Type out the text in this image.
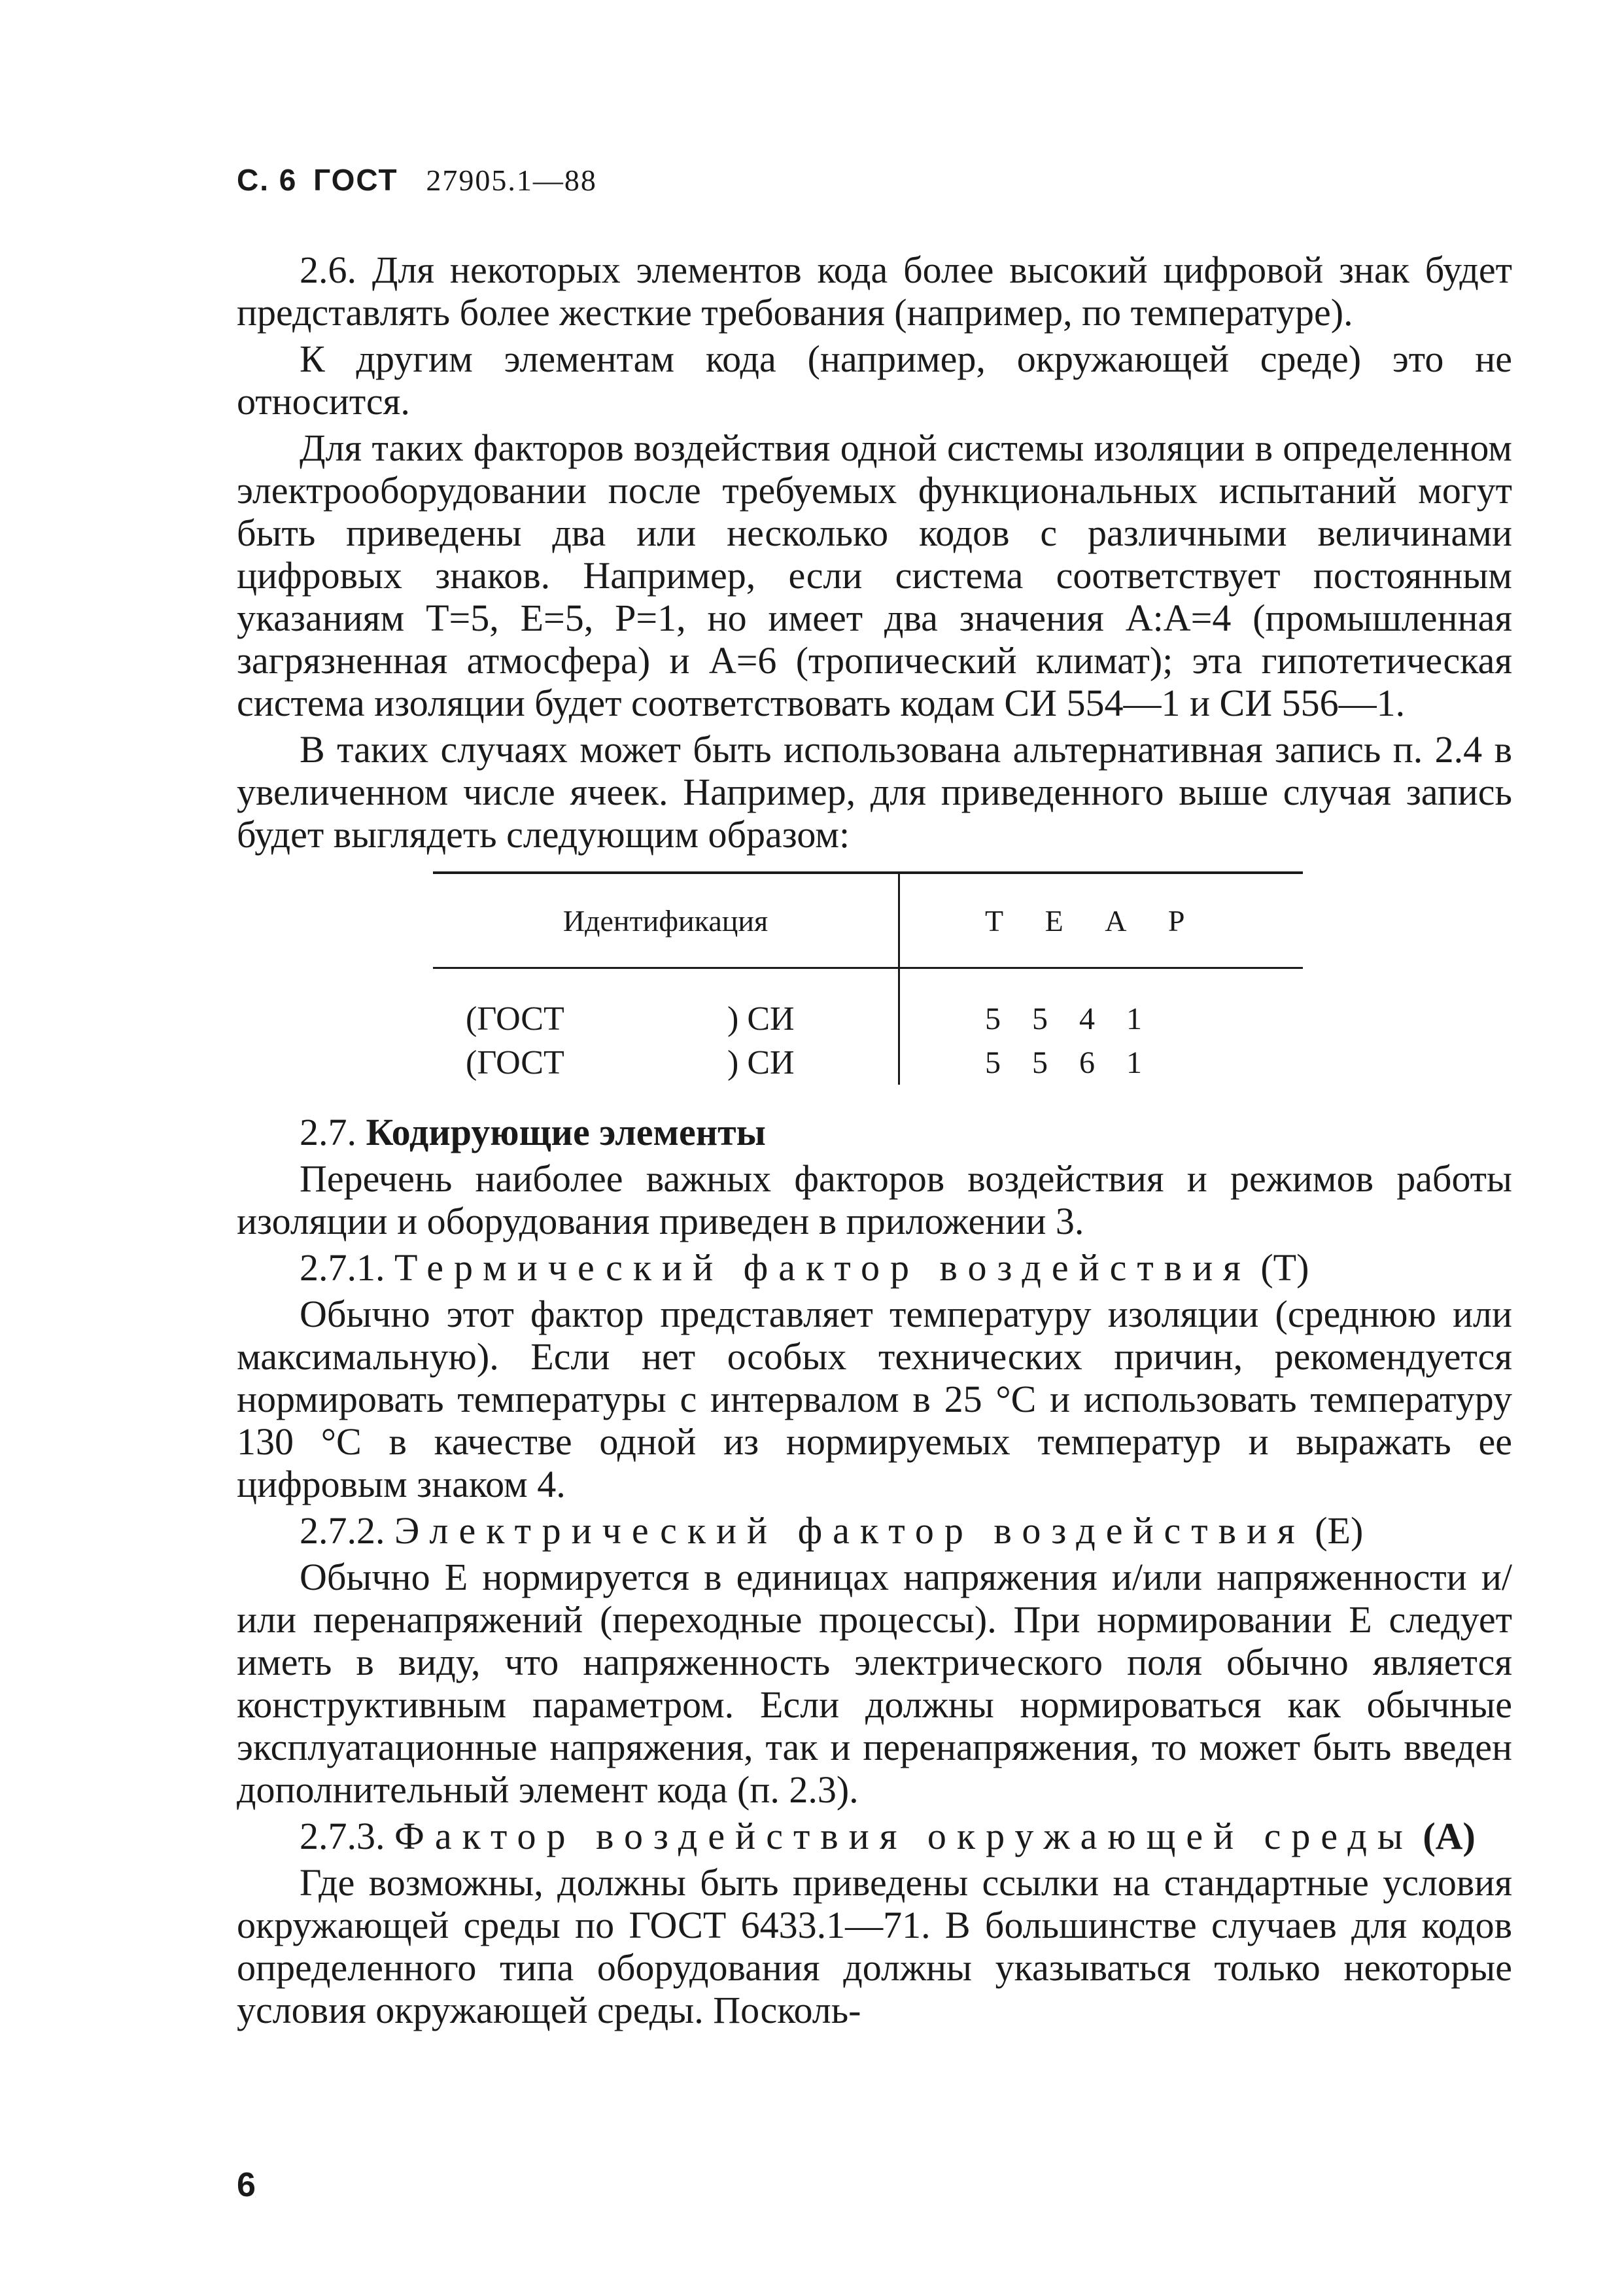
С. 6 ГОСТ 27905.1—88

2.6. Для некоторых элементов кода более высокий цифровой знак будет представлять более жесткие требования (например, по температуре).

К другим элементам кода (например, окружающей среде) это не относится.

Для таких факторов воздействия одной системы изоляции в определенном электрооборудовании после требуемых функциональных испытаний могут быть приведены два или несколько кодов с различными величинами цифровых знаков. Например, если система соответствует постоянным указаниям Т=5, Е=5, Р=1, но имеет два значения А:А=4 (промышленная загрязненная атмосфера) и А=6 (тропический климат); эта гипотетическая система изоляции будет соответствовать кодам СИ 554—1 и СИ 556—1.

В таких случаях может быть использована альтернативная запись п. 2.4 в увеличенном числе ячеек. Например, для приведенного выше случая запись будет выглядеть следующим образом:

Идентификация	Т Е А Р
(ГОСТ ) СИ	5 5 4 1
(ГОСТ ) СИ	5 5 6 1

2.7. Кодирующие элементы

Перечень наиболее важных факторов воздействия и режимов работы изоляции и оборудования приведен в приложении 3.

2.7.1. Термический фактор воздействия (Т)

Обычно этот фактор представляет температуру изоляции (среднюю или максимальную). Если нет особых технических причин, рекомендуется нормировать температуры с интервалом в 25 °С и использовать температуру 130 °С в качестве одной из нормируемых температур и выражать ее цифровым знаком 4.

2.7.2. Электрический фактор воздействия (Е)

Обычно Е нормируется в единицах напряжения и/или напряженности и/или перенапряжений (переходные процессы). При нормировании Е следует иметь в виду, что напряженность электрического поля обычно является конструктивным параметром. Если должны нормироваться как обычные эксплуатационные напряжения, так и перенапряжения, то может быть введен дополнительный элемент кода (п. 2.3).

2.7.3. Фактор воздействия окружающей среды (А)

Где возможны, должны быть приведены ссылки на стандартные условия окружающей среды по ГОСТ 6433.1—71. В большинстве случаев для кодов определенного типа оборудования должны указываться только некоторые условия окружающей среды. Посколь-

6
